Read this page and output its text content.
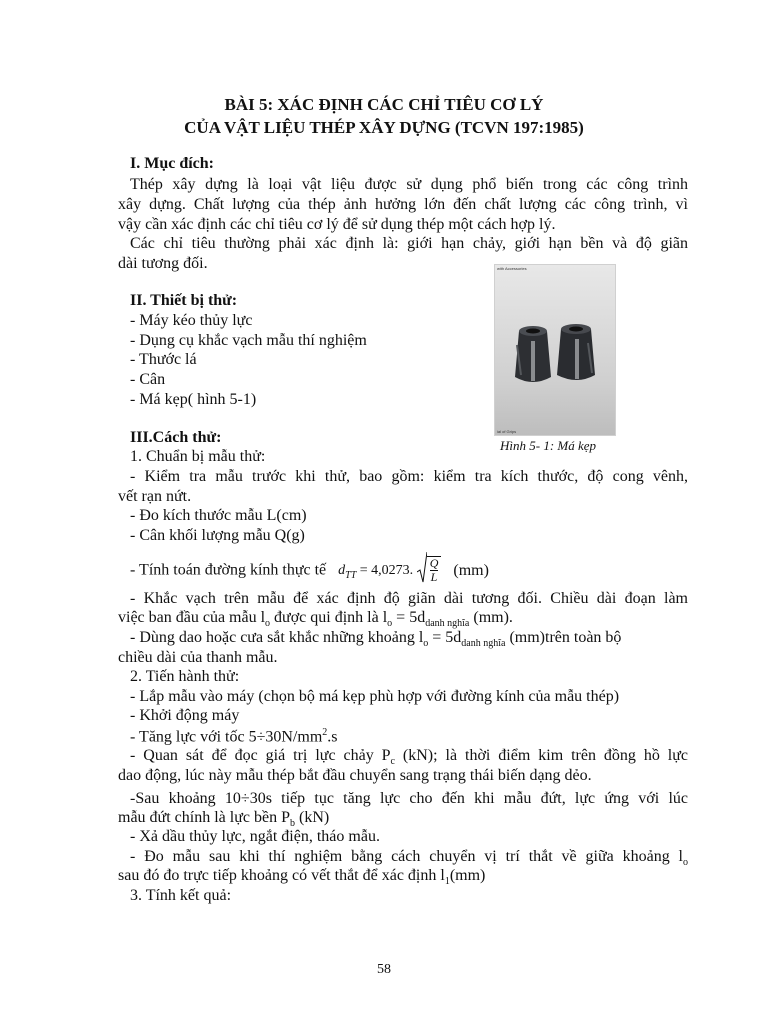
BÀI 5: XÁC ĐỊNH CÁC CHỈ TIÊU CƠ LÝ
CỦA VẬT LIỆU THÉP XÂY DỰNG (TCVN 197:1985)
I. Mục đích:
Thép xây dựng là loại vật liệu được sử dụng phổ biến trong các công trình
xây dựng. Chất lượng của thép ảnh hưởng lớn đến chất lượng các công trình, vì
vậy cần xác định các chỉ tiêu cơ lý để sử dụng thép một cách hợp lý.
Các chỉ tiêu thường phải xác định là: giới hạn chảy, giới hạn bền và độ giãn
dài tương đối.
II. Thiết bị thử:
- Máy kéo thủy lực
- Dụng cụ khắc vạch mẫu thí nghiệm
- Thước lá
- Cân
- Má kẹp( hình 5-1)
with Accessories
ial of Grips
Hình 5- 1: Má kẹp
III.Cách thử:
1. Chuẩn bị mẫu thử:
- Kiểm tra mẫu trước khi thử, bao gồm: kiểm tra kích thước, độ cong vênh,
vết rạn nứt.
- Đo kích thước mẫu L(cm)
- Cân khối lượng mẫu Q(g)
- Tính toán đường kính thực tế $d_{TT} = 4,0273$. $\frac{Q}{L} (mm)$
- Khắc vạch trên mẫu để xác định độ giãn dài tương đối. Chiều dài đoạn làm
việc ban đầu của mẫu $l_o$ được qui định là $l_o = 5d_{danh nghĩa}$ (mm).
- Dùng dao hoặc cưa sắt khắc những khoảng $l_o = 5d_{danh nghĩa}$ (mm)trên toàn bộ
chiều dài của thanh mẫu.
2. Tiến hành thử:
- Lắp mẫu vào máy (chọn bộ má kẹp phù hợp với đường kính của mẫu thép)
- Khởi động máy
- Tăng lực với tốc $5\div 30N/mm^2.s$
- Quan sát để đọc giá trị lực chảy $P_c$ (kN); là thời điểm kim trên đồng hồ lực
dao động, lúc này mẫu thép bắt đầu chuyển sang trạng thái biến dạng dẻo.
-Sau khoảng 10÷30s tiếp tục tăng lực cho đến khi mẫu đứt, lực ứng với lúc
mẫu đứt chính là lực bền $P_b$ (kN)
- Xả dầu thủy lực, ngắt điện, tháo mẫu.
- Đo mẫu sau khi thí nghiệm bằng cách chuyển vị trí thắt về giữa khoảng $l_o$
sau đó đo trực tiếp khoảng có vết thắt để xác định $l_1(mm)$
3. Tính kết quả:
58
